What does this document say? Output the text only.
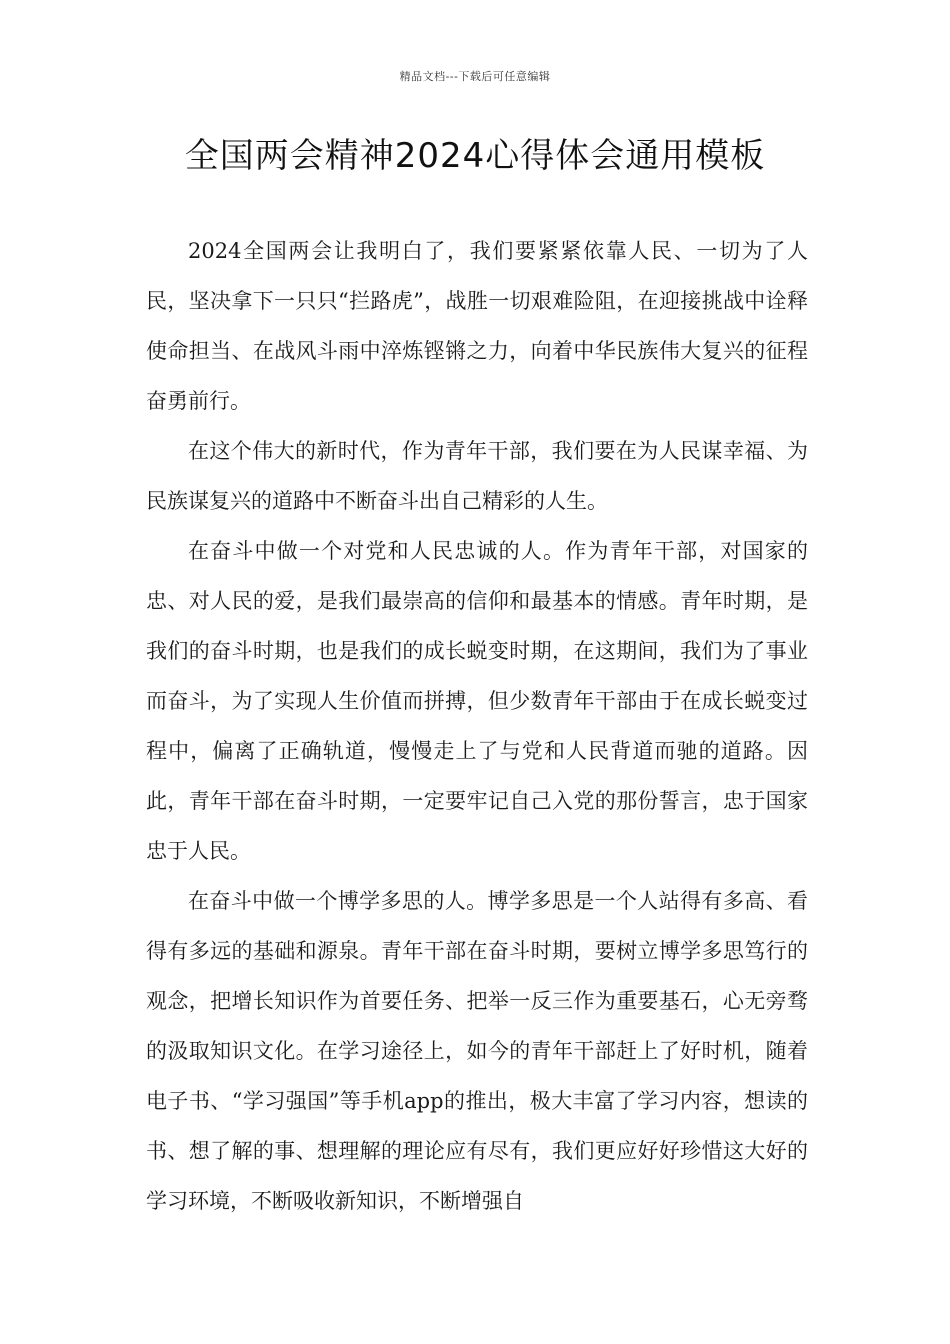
精品文档---下载后可任意编辑
全国两会精神2024心得体会通用模板

2024全国两会让我明白了，我们要紧紧依靠人民、一切为了人民，坚决拿下一只只“拦路虎”，战胜一切艰难险阻，在迎接挑战中诠释使命担当、在战风斗雨中淬炼铿锵之力，向着中华民族伟大复兴的征程奋勇前行。

在这个伟大的新时代，作为青年干部，我们要在为人民谋幸福、为民族谋复兴的道路中不断奋斗出自己精彩的人生。

在奋斗中做一个对党和人民忠诚的人。作为青年干部，对国家的忠、对人民的爱，是我们最崇高的信仰和最基本的情感。青年时期，是我们的奋斗时期，也是我们的成长蜕变时期，在这期间，我们为了事业而奋斗，为了实现人生价值而拼搏，但少数青年干部由于在成长蜕变过程中，偏离了正确轨道，慢慢走上了与党和人民背道而驰的道路。因此，青年干部在奋斗时期，一定要牢记自己入党的那份誓言，忠于国家忠于人民。

在奋斗中做一个博学多思的人。博学多思是一个人站得有多高、看得有多远的基础和源泉。青年干部在奋斗时期，要树立博学多思笃行的观念，把增长知识作为首要任务、把举一反三作为重要基石，心无旁骛的汲取知识文化。在学习途径上，如今的青年干部赶上了好时机，随着电子书、“学习强国”等手机app的推出，极大丰富了学习内容，想读的书、想了解的事、想理解的理论应有尽有，我们更应好好珍惜这大好的学习环境，不断吸收新知识，不断增强自
